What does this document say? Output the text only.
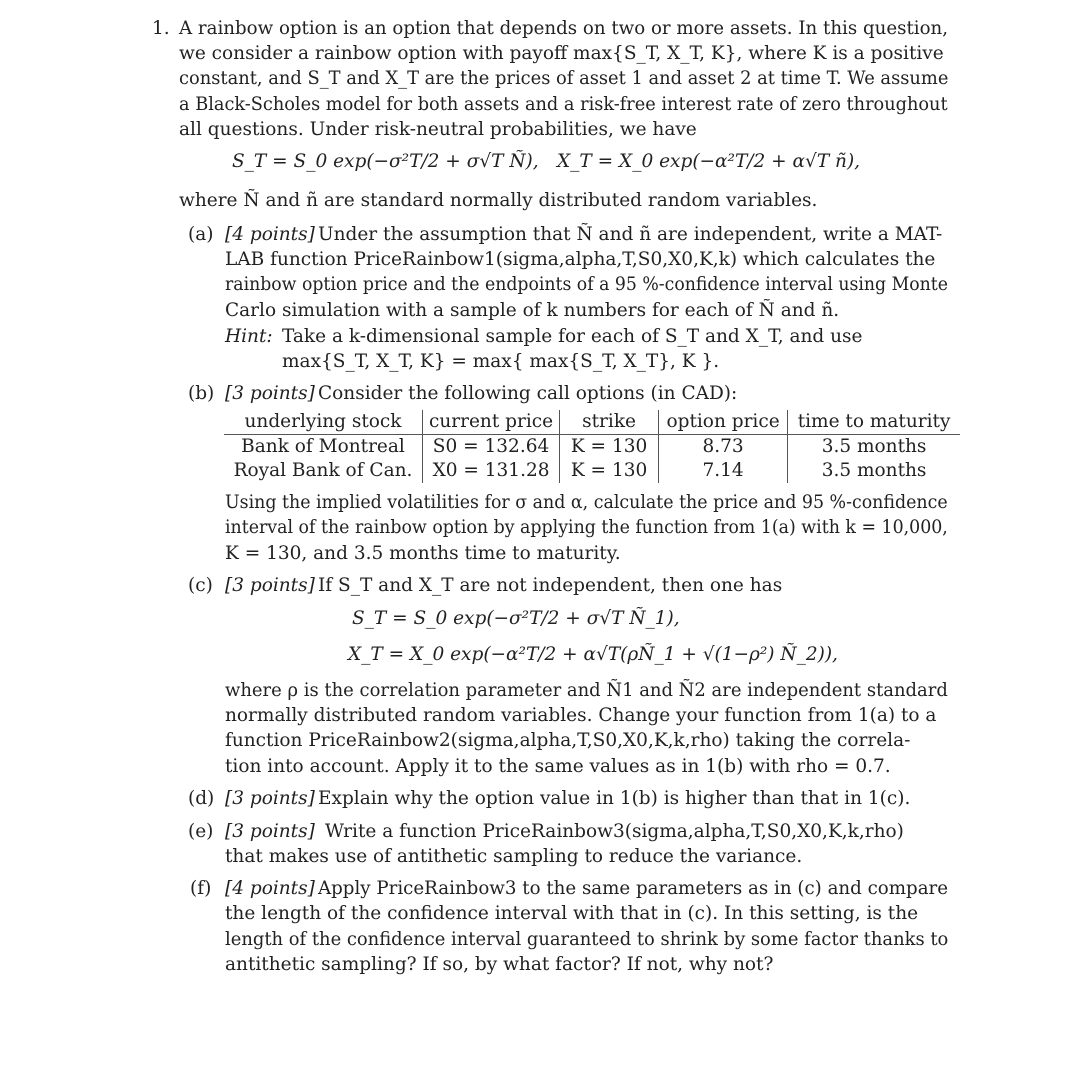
1. A rainbow option is an option that depends on two or more assets. In this question,
we consider a rainbow option with payoff max{S_T, X_T, K}, where K is a positive
constant, and S_T and X_T are the prices of asset 1 and asset 2 at time T. We assume
a Black-Scholes model for both assets and a risk-free interest rate of zero throughout
all questions. Under risk-neutral probabilities, we have
S_T = S_0 exp(−σ²T/2 + σ√T Ñ), X_T = X_0 exp(−α²T/2 + α√T ñ),
where Ñ and ñ are standard normally distributed random variables.
(a) [4 points] Under the assumption that Ñ and ñ are independent, write a MAT-
LAB function PriceRainbow1(sigma,alpha,T,S0,X0,K,k) which calculates the
rainbow option price and the endpoints of a 95 %-confidence interval using Monte
Carlo simulation with a sample of k numbers for each of Ñ and ñ.
Hint: Take a k-dimensional sample for each of S_T and X_T, and use
max{S_T, X_T, K} = max{ max{S_T, X_T}, K }.
(b) [3 points] Consider the following call options (in CAD):
underlying stock	current price	strike	option price	time to maturity
Bank of Montreal	S0 = 132.64	K = 130	8.73	3.5 months
Royal Bank of Can.	X0 = 131.28	K = 130	7.14	3.5 months
Using the implied volatilities for σ and α, calculate the price and 95 %-confidence
interval of the rainbow option by applying the function from 1(a) with k = 10,000,
K = 130, and 3.5 months time to maturity.
(c) [3 points] If S_T and X_T are not independent, then one has
S_T = S_0 exp(−σ²T/2 + σ√T Ñ_1),
X_T = X_0 exp(−α²T/2 + α√T(ρÑ_1 + √(1−ρ²) Ñ_2)),
where ρ is the correlation parameter and Ñ1 and Ñ2 are independent standard
normally distributed random variables. Change your function from 1(a) to a
function PriceRainbow2(sigma,alpha,T,S0,X0,K,k,rho) taking the correla-
tion into account. Apply it to the same values as in 1(b) with rho = 0.7.
(d) [3 points] Explain why the option value in 1(b) is higher than that in 1(c).
(e) [3 points] Write a function PriceRainbow3(sigma,alpha,T,S0,X0,K,k,rho)
that makes use of antithetic sampling to reduce the variance.
(f) [4 points] Apply PriceRainbow3 to the same parameters as in (c) and compare
the length of the confidence interval with that in (c). In this setting, is the
length of the confidence interval guaranteed to shrink by some factor thanks to
antithetic sampling? If so, by what factor? If not, why not?
